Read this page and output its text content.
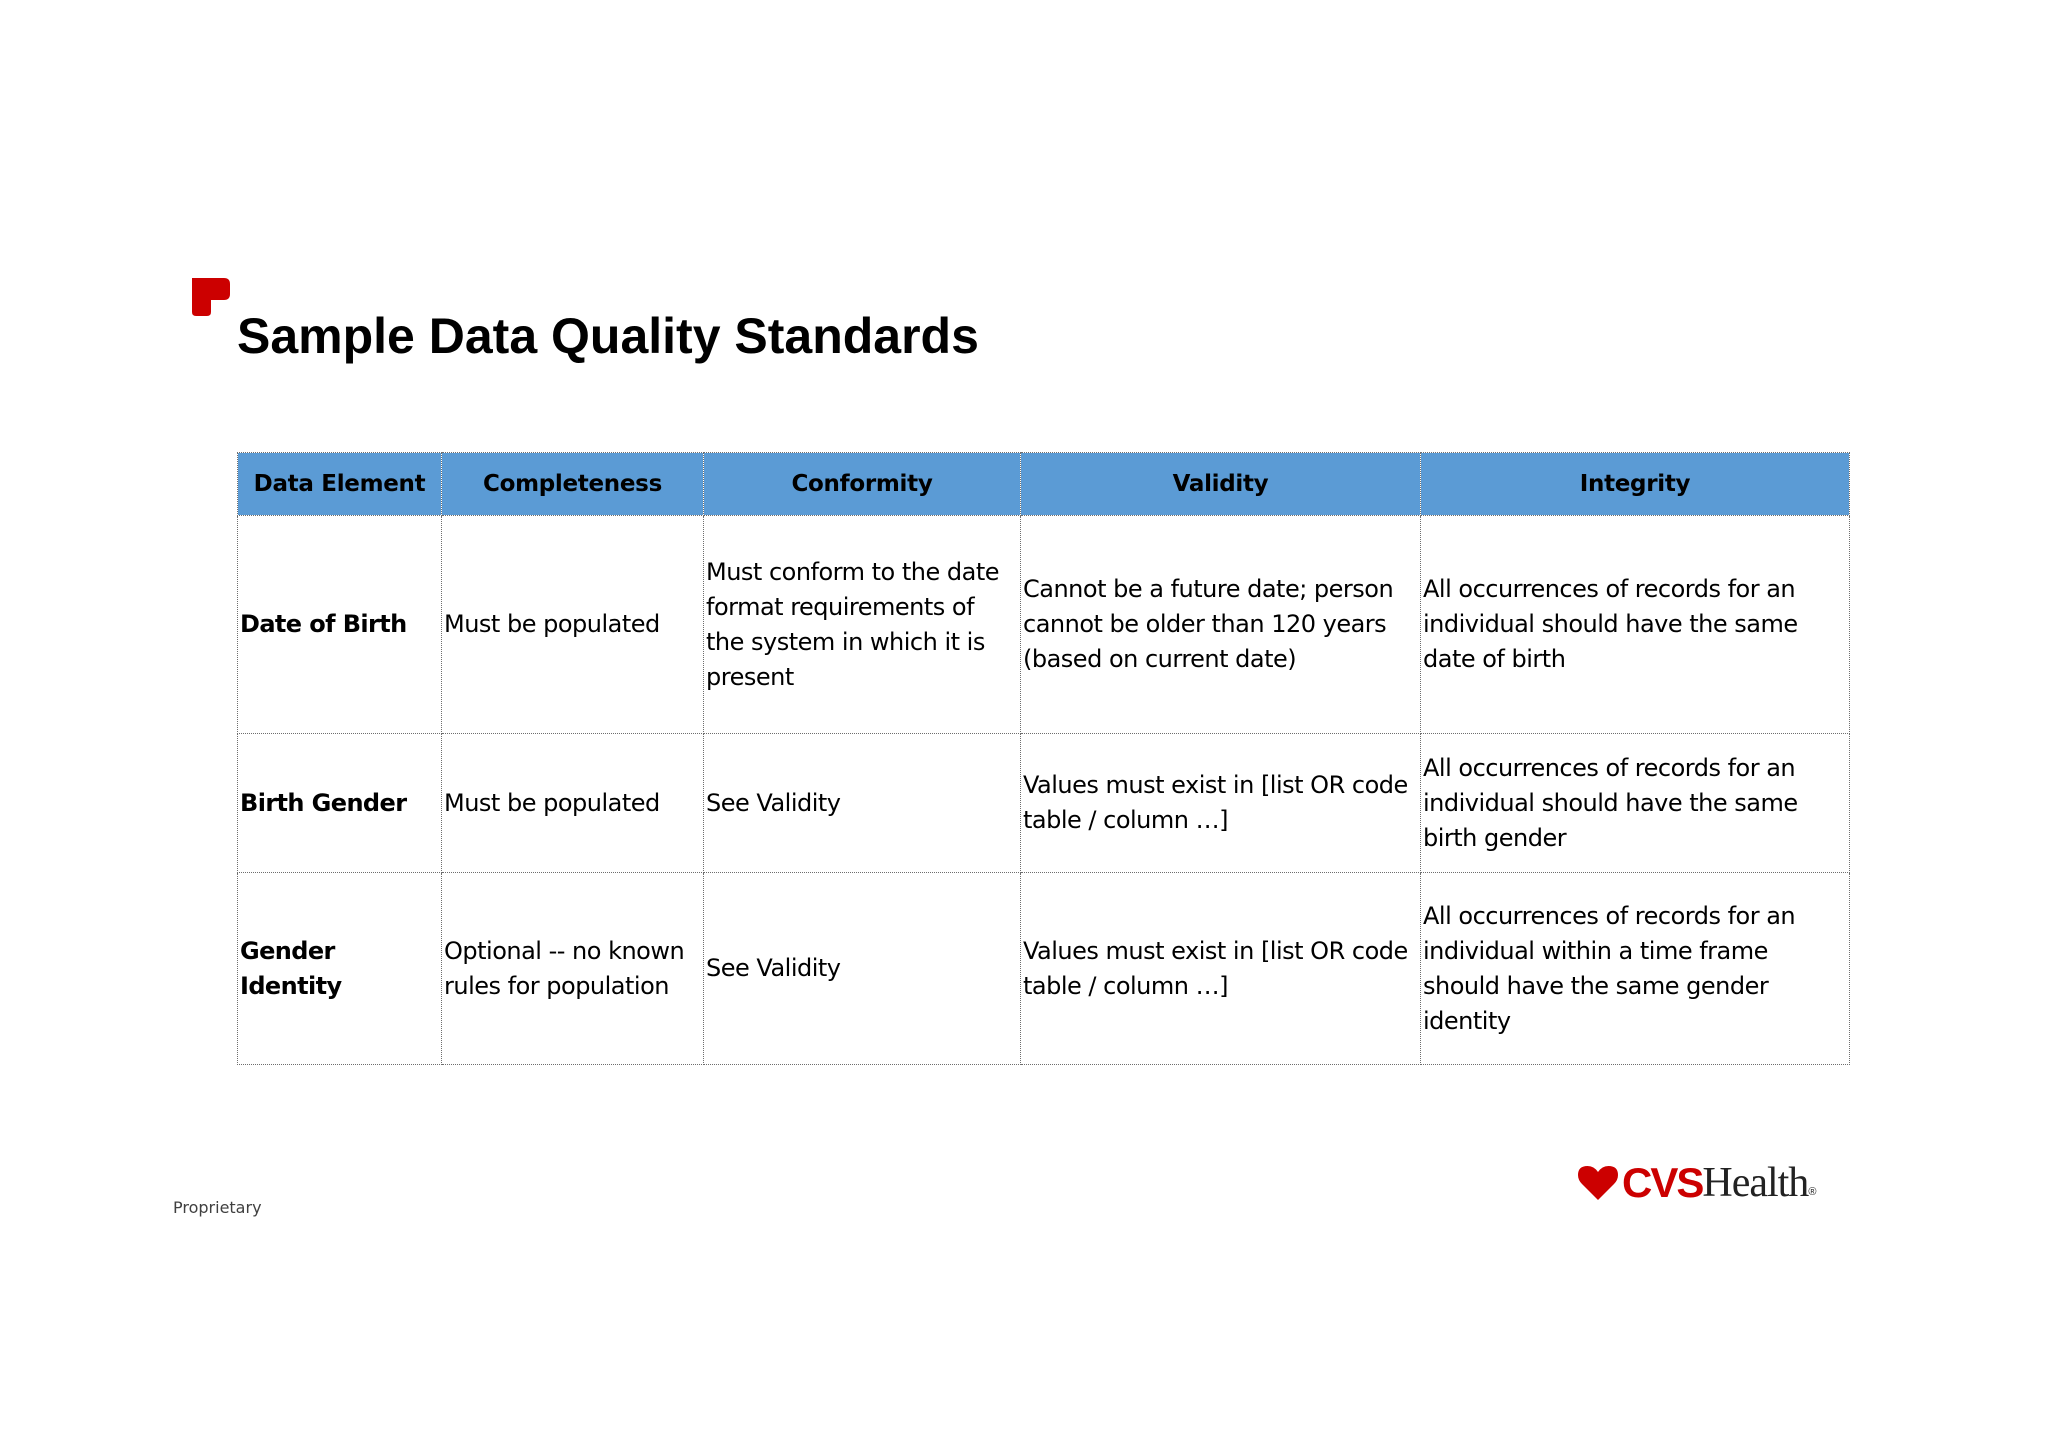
Sample Data Quality Standards
Data Element	Completeness	Conformity	Validity	Integrity
Date of Birth	Must be populated	Must conform to the date format requirements of the system in which it is present	Cannot be a future date; person cannot be older than 120 years (based on current date)	All occurrences of records for an individual should have the same date of birth
Birth Gender	Must be populated	See Validity	Values must exist in [list OR code table / column …]	All occurrences of records for an individual should have the same birth gender
Gender Identity	Optional -- no known rules for population	See Validity	Values must exist in [list OR code table / column …]	All occurrences of records for an individual within a time frame should have the same gender identity
Proprietary
CVS Health ®
